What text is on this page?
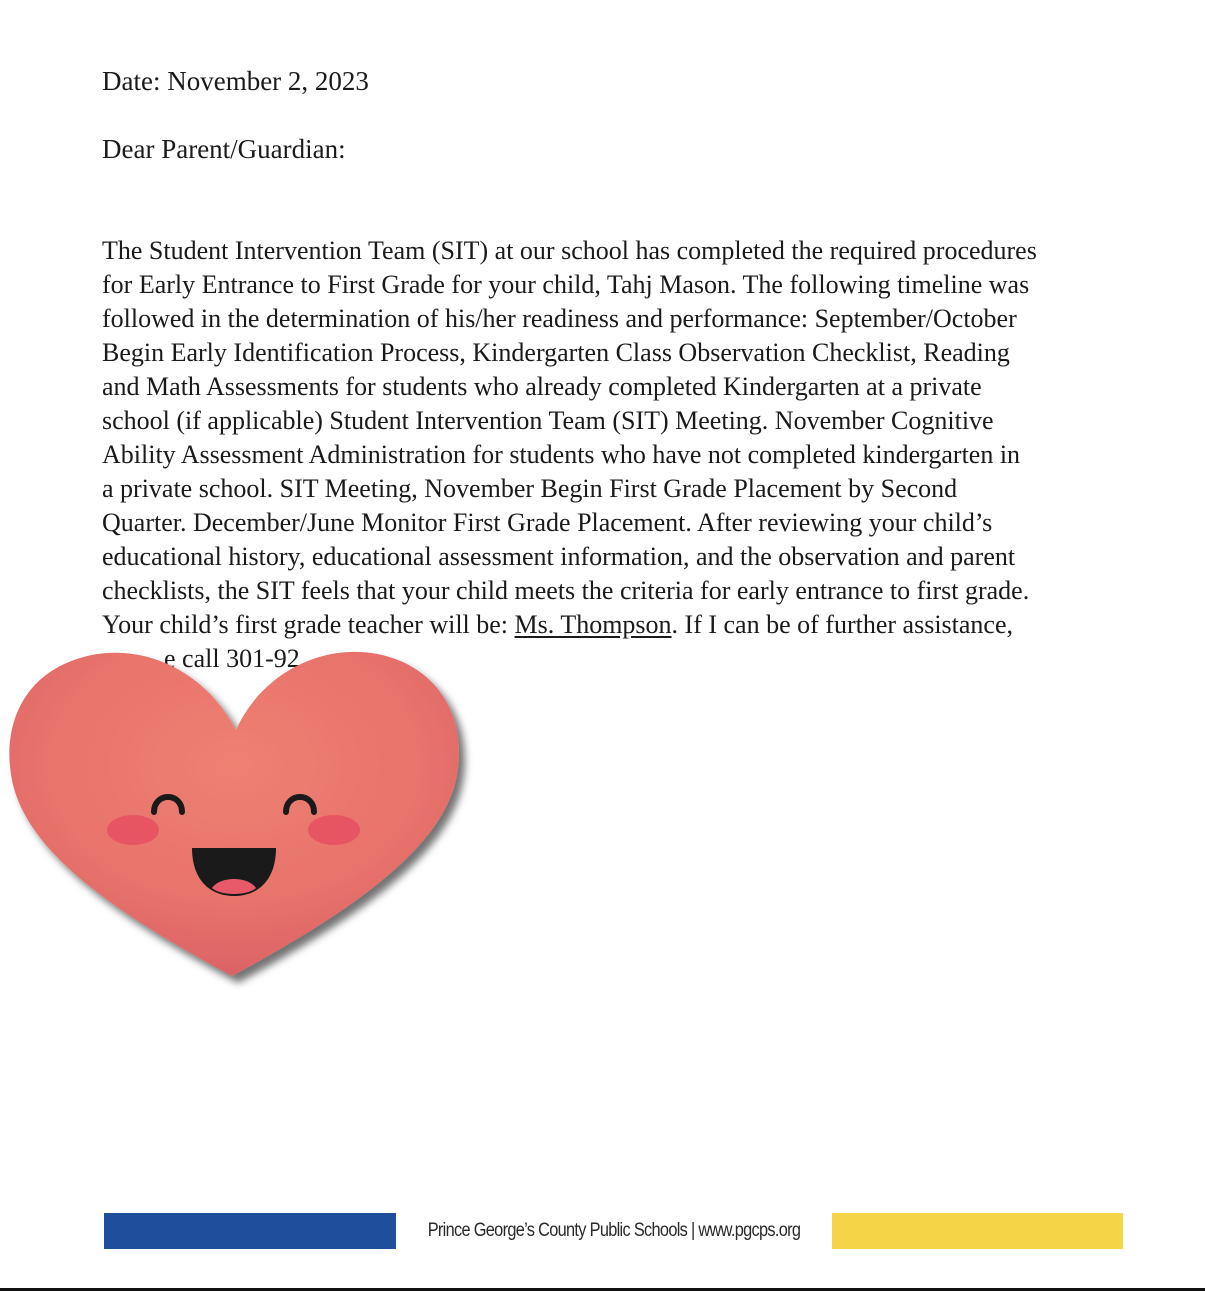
Date: November 2, 2023
Dear Parent/Guardian:
The Student Intervention Team (SIT) at our school has completed the required procedures
for Early Entrance to First Grade for your child, Tahj Mason. The following timeline was
followed in the determination of his/her readiness and performance: September/October
Begin Early Identification Process, Kindergarten Class Observation Checklist, Reading
and Math Assessments for students who already completed Kindergarten at a private
school (if applicable) Student Intervention Team (SIT) Meeting. November Cognitive
Ability Assessment Administration for students who have not completed kindergarten in
a private school. SIT Meeting, November Begin First Grade Placement by Second
Quarter. December/June Monitor First Grade Placement. After reviewing your child’s
educational history, educational assessment information, and the observation and parent
checklists, the SIT feels that your child meets the criteria for early entrance to first grade.
Your child’s first grade teacher will be: Ms. Thompson. If I can be of further assistance,
e call 301-92
Prince George’s County Public Schools | www.pgcps.org
